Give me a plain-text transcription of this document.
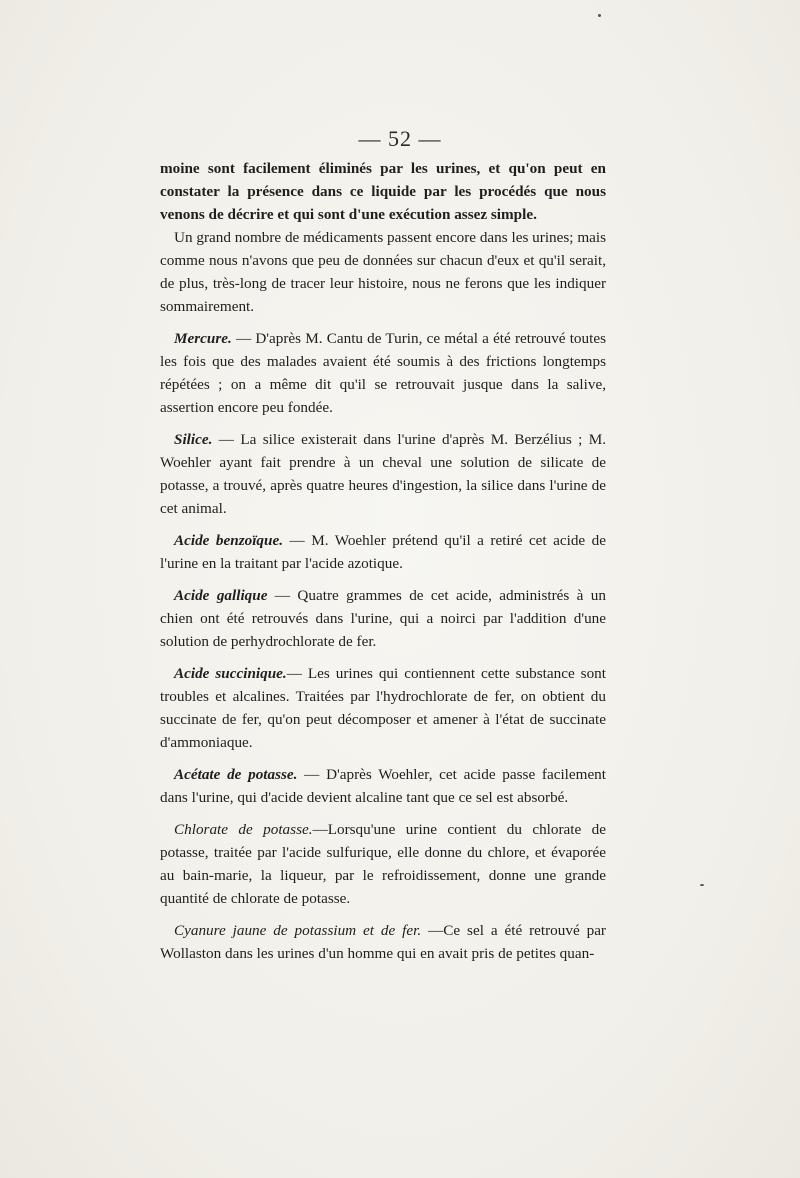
— 52 —

moine sont facilement éliminés par les urines, et qu'on peut en constater la présence dans ce liquide par les procédés que nous venons de décrire et qui sont d'une exécution assez simple.

Un grand nombre de médicaments passent encore dans les urines; mais comme nous n'avons que peu de données sur chacun d'eux et qu'il serait, de plus, très-long de tracer leur histoire, nous ne ferons que les indiquer sommairement.

Mercure. — D'après M. Cantu de Turin, ce métal a été retrouvé toutes les fois que des malades avaient été soumis à des frictions longtemps répétées ; on a même dit qu'il se retrouvait jusque dans la salive, assertion encore peu fondée.

Silice. — La silice existerait dans l'urine d'après M. Berzélius ; M. Woehler ayant fait prendre à un cheval une solution de silicate de potasse, a trouvé, après quatre heures d'ingestion, la silice dans l'urine de cet animal.

Acide benzoïque. — M. Woehler prétend qu'il a retiré cet acide de l'urine en la traitant par l'acide azotique.

Acide gallique — Quatre grammes de cet acide, administrés à un chien ont été retrouvés dans l'urine, qui a noirci par l'addition d'une solution de perhydrochlorate de fer.

Acide succinique.— Les urines qui contiennent cette substance sont troubles et alcalines. Traitées par l'hydrochlorate de fer, on obtient du succinate de fer, qu'on peut décomposer et amener à l'état de succinate d'ammoniaque.

Acétate de potasse. — D'après Woehler, cet acide passe facilement dans l'urine, qui d'acide devient alcaline tant que ce sel est absorbé.

Chlorate de potasse.—Lorsqu'une urine contient du chlorate de potasse, traitée par l'acide sulfurique, elle donne du chlore, et évaporée au bain-marie, la liqueur, par le refroidissement, donne une grande quantité de chlorate de potasse.

Cyanure jaune de potassium et de fer. —Ce sel a été retrouvé par Wollaston dans les urines d'un homme qui en avait pris de petites quan-
